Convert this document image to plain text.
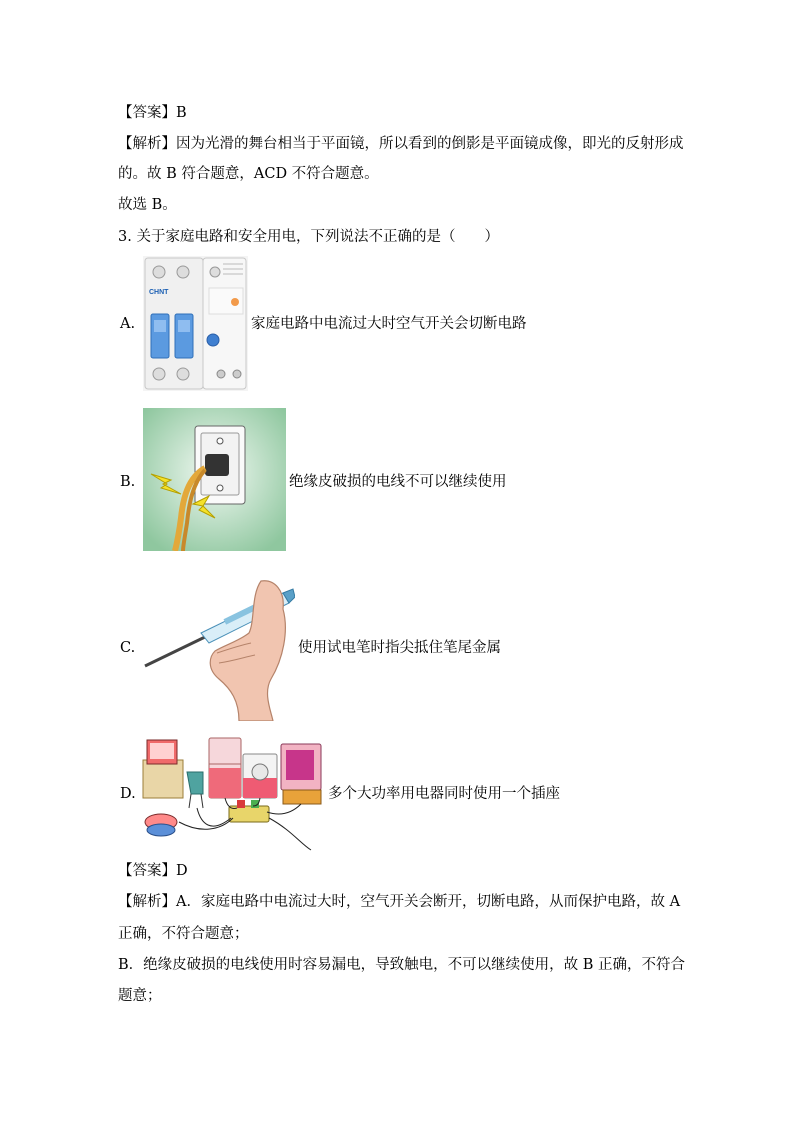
【答案】B
【解析】因为光滑的舞台相当于平面镜，所以看到的倒影是平面镜成像，即光的反射形成
的。故 B 符合题意，ACD 不符合题意。
故选 B。
3. 关于家庭电路和安全用电，下列说法不正确的是（　　）
A.
CHNT
家庭电路中电流过大时空气开关会切断电路
B.	绝缘皮破损的电线不可以继续使用
C.	使用试电笔时指尖抵住笔尾金属
D.	多个大功率用电器同时使用一个插座
【答案】D
【解析】A．家庭电路中电流过大时，空气开关会断开，切断电路，从而保护电路，故 A
正确，不符合题意；
B．绝缘皮破损的电线使用时容易漏电，导致触电，不可以继续使用，故 B 正确，不符合
题意；
